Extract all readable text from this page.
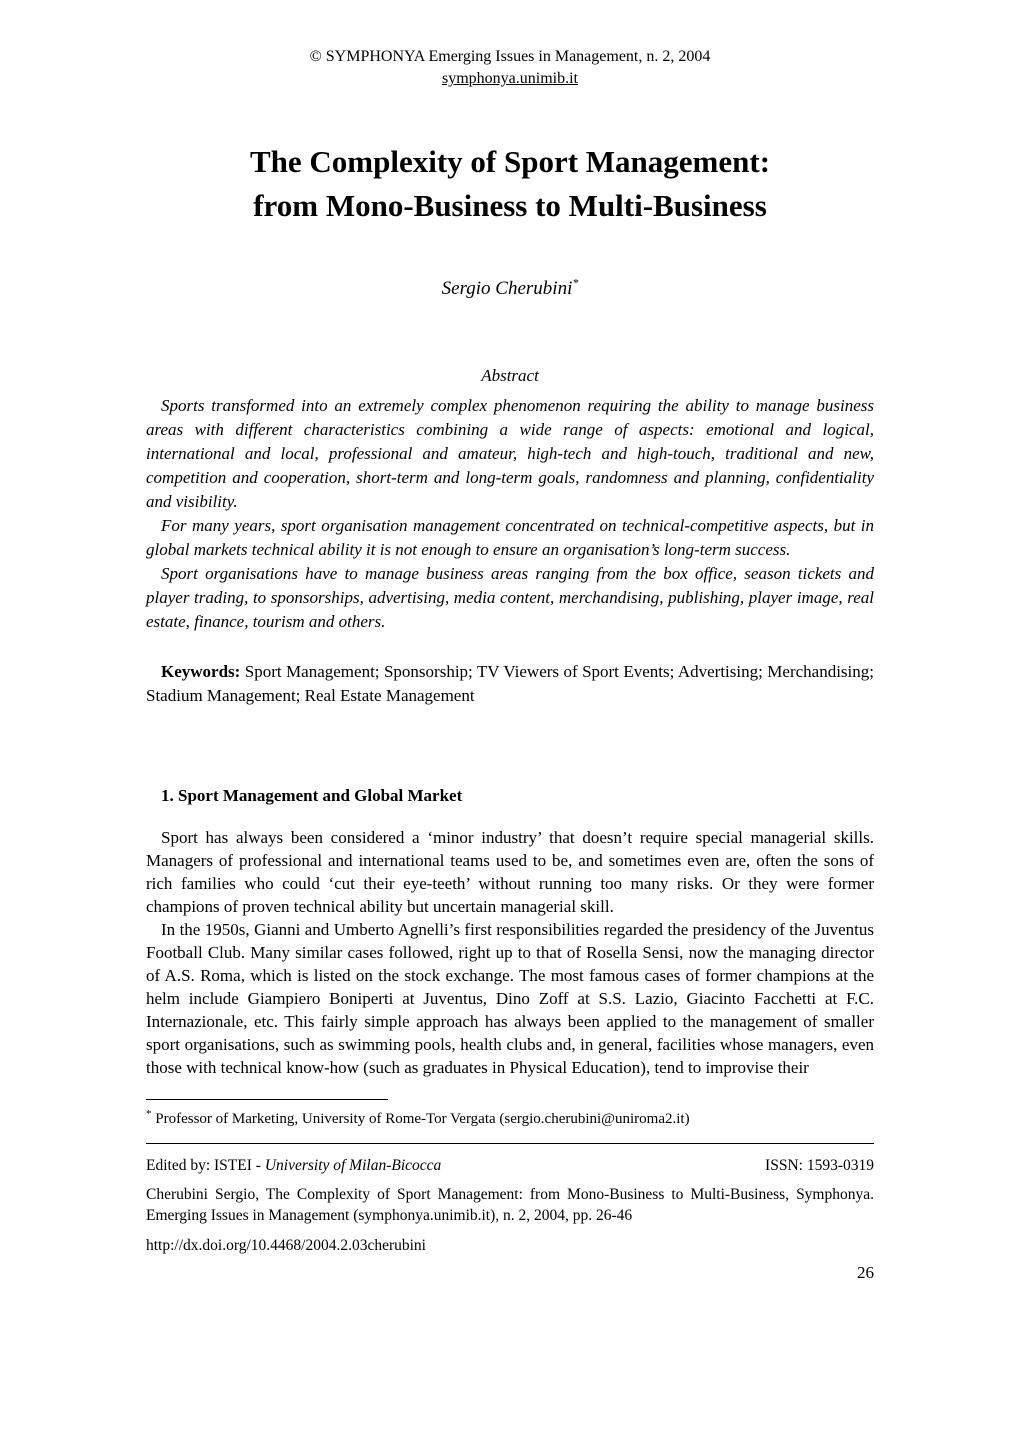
© SYMPHONYA Emerging Issues in Management, n. 2, 2004
symphonya.unimib.it
The Complexity of Sport Management:
from Mono-Business to Multi-Business
Sergio Cherubini*
Abstract

Sports transformed into an extremely complex phenomenon requiring the ability to manage business areas with different characteristics combining a wide range of aspects: emotional and logical, international and local, professional and amateur, high-tech and high-touch, traditional and new, competition and cooperation, short-term and long-term goals, randomness and planning, confidentiality and visibility.

For many years, sport organisation management concentrated on technical-competitive aspects, but in global markets technical ability it is not enough to ensure an organisation’s long-term success.

Sport organisations have to manage business areas ranging from the box office, season tickets and player trading, to sponsorships, advertising, media content, merchandising, publishing, player image, real estate, finance, tourism and others.

Keywords: Sport Management; Sponsorship; TV Viewers of Sport Events; Advertising; Merchandising; Stadium Management; Real Estate Management

1. Sport Management and Global Market

Sport has always been considered a ‘minor industry’ that doesn’t require special managerial skills. Managers of professional and international teams used to be, and sometimes even are, often the sons of rich families who could ‘cut their eye-teeth’ without running too many risks. Or they were former champions of proven technical ability but uncertain managerial skill.

In the 1950s, Gianni and Umberto Agnelli’s first responsibilities regarded the presidency of the Juventus Football Club. Many similar cases followed, right up to that of Rosella Sensi, now the managing director of A.S. Roma, which is listed on the stock exchange. The most famous cases of former champions at the helm include Giampiero Boniperti at Juventus, Dino Zoff at S.S. Lazio, Giacinto Facchetti at F.C. Internazionale, etc. This fairly simple approach has always been applied to the management of smaller sport organisations, such as swimming pools, health clubs and, in general, facilities whose managers, even those with technical know-how (such as graduates in Physical Education), tend to improvise their

* Professor of Marketing, University of Rome-Tor Vergata (sergio.cherubini@uniroma2.it)

Edited by: ISTEI - University of Milan-Bicocca	ISSN: 1593-0319

Cherubini Sergio, The Complexity of Sport Management: from Mono-Business to Multi-Business, Symphonya. Emerging Issues in Management (symphonya.unimib.it), n. 2, 2004, pp. 26-46

http://dx.doi.org/10.4468/2004.2.03cherubini

26
